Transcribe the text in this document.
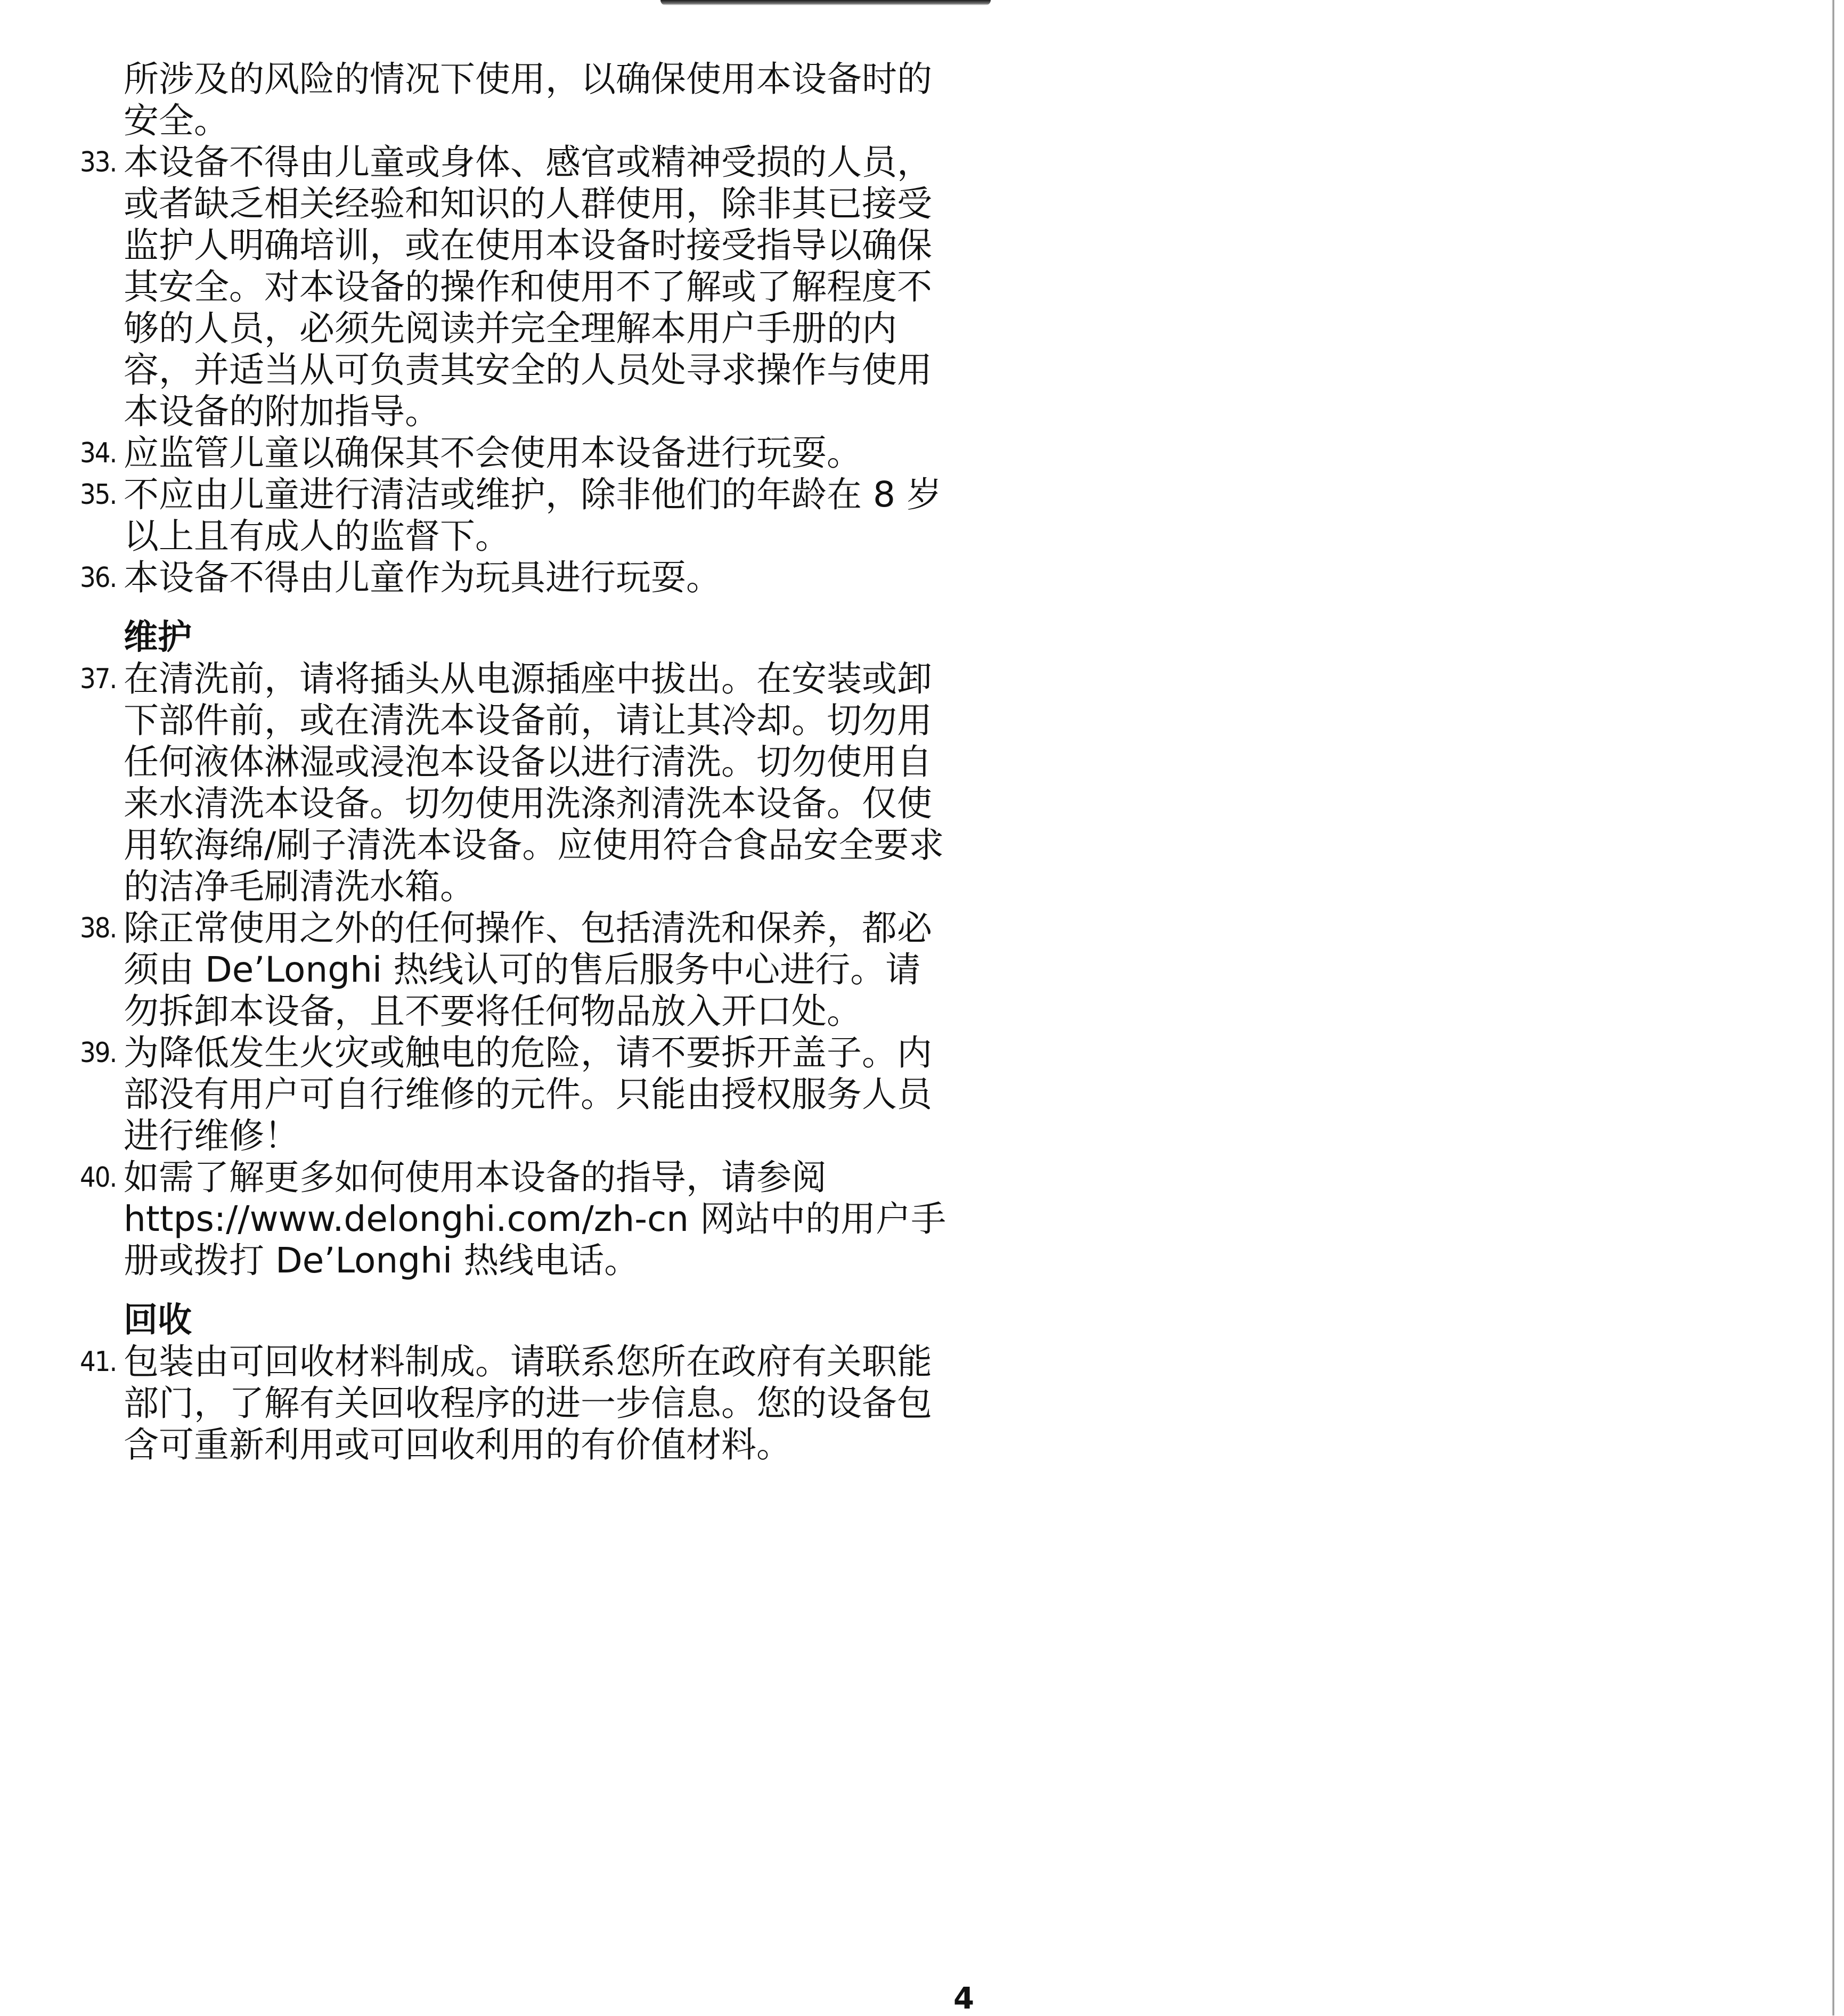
所涉及的风险的情况下使用，以确保使用本设备时的
安全。
33. 本设备不得由儿童或身体、感官或精神受损的人员，
或者缺乏相关经验和知识的人群使用，除非其已接受
监护人明确培训，或在使用本设备时接受指导以确保
其安全。对本设备的操作和使用不了解或了解程度不
够的人员，必须先阅读并完全理解本用户手册的内
容，并适当从可负责其安全的人员处寻求操作与使用
本设备的附加指导。
34. 应监管儿童以确保其不会使用本设备进行玩耍。
35. 不应由儿童进行清洁或维护，除非他们的年龄在 8 岁
以上且有成人的监督下。
36. 本设备不得由儿童作为玩具进行玩耍。
维护
37. 在清洗前，请将插头从电源插座中拔出。在安装或卸
下部件前，或在清洗本设备前，请让其冷却。切勿用
任何液体淋湿或浸泡本设备以进行清洗。切勿使用自
来水清洗本设备。切勿使用洗涤剂清洗本设备。仅使
用软海绵/刷子清洗本设备。应使用符合食品安全要求
的洁净毛刷清洗水箱。
38. 除正常使用之外的任何操作、包括清洗和保养，都必
须由 De’Longhi 热线认可的售后服务中心进行。请
勿拆卸本设备，且不要将任何物品放入开口处。
39. 为降低发生火灾或触电的危险，请不要拆开盖子。内
部没有用户可自行维修的元件。只能由授权服务人员
进行维修！
40. 如需了解更多如何使用本设备的指导，请参阅
https://www.delonghi.com/zh-cn 网站中的用户手
册或拨打 De’Longhi 热线电话。
回收
41. 包装由可回收材料制成。请联系您所在政府有关职能
部门，了解有关回收程序的进一步信息。您的设备包
含可重新利用或可回收利用的有价值材料。
4
